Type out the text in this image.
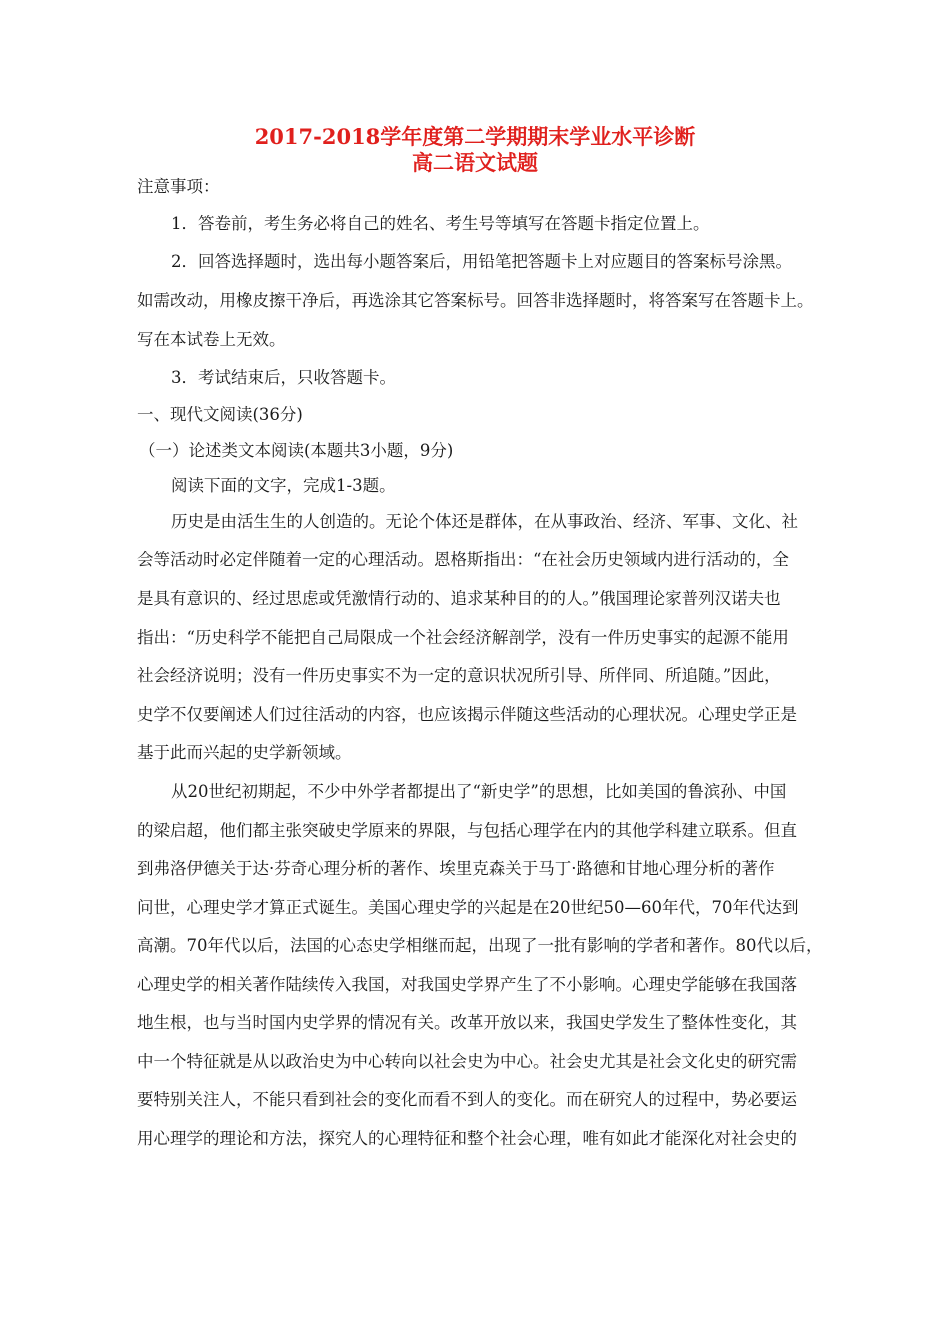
2017-2018学年度第二学期期末学业水平诊断
高二语文试题
注意事项：
1．答卷前，考生务必将自己的姓名、考生号等填写在答题卡指定位置上。
2．回答选择题时，选出每小题答案后，用铅笔把答题卡上对应题目的答案标号涂黑。
如需改动，用橡皮擦干净后，再选涂其它答案标号。回答非选择题时，将答案写在答题卡上。
写在本试卷上无效。
3．考试结束后，只收答题卡。
一、现代文阅读(36分)
（一）论述类文本阅读(本题共3小题，9分)
阅读下面的文字，完成1-3题。
历史是由活生生的人创造的。无论个体还是群体，在从事政治、经济、军事、文化、社
会等活动时必定伴随着一定的心理活动。恩格斯指出：“在社会历史领域内进行活动的，全
是具有意识的、经过思虑或凭激情行动的、追求某种目的的人。”俄国理论家普列汉诺夫也
指出：“历史科学不能把自己局限成一个社会经济解剖学，没有一件历史事实的起源不能用
社会经济说明；没有一件历史事实不为一定的意识状况所引导、所伴同、所追随。”因此，
史学不仅要阐述人们过往活动的内容，也应该揭示伴随这些活动的心理状况。心理史学正是
基于此而兴起的史学新领域。
从20世纪初期起，不少中外学者都提出了“新史学”的思想，比如美国的鲁滨孙、中国
的梁启超，他们都主张突破史学原来的界限，与包括心理学在内的其他学科建立联系。但直
到弗洛伊德关于达·芬奇心理分析的著作、埃里克森关于马丁·路德和甘地心理分析的著作
问世，心理史学才算正式诞生。美国心理史学的兴起是在20世纪50—60年代，70年代达到
高潮。70年代以后，法国的心态史学相继而起，出现了一批有影响的学者和著作。80代以后，
心理史学的相关著作陆续传入我国，对我国史学界产生了不小影响。心理史学能够在我国落
地生根，也与当时国内史学界的情况有关。改革开放以来，我国史学发生了整体性变化，其
中一个特征就是从以政治史为中心转向以社会史为中心。社会史尤其是社会文化史的研究需
要特别关注人，不能只看到社会的变化而看不到人的变化。而在研究人的过程中，势必要运
用心理学的理论和方法，探究人的心理特征和整个社会心理，唯有如此才能深化对社会史的
